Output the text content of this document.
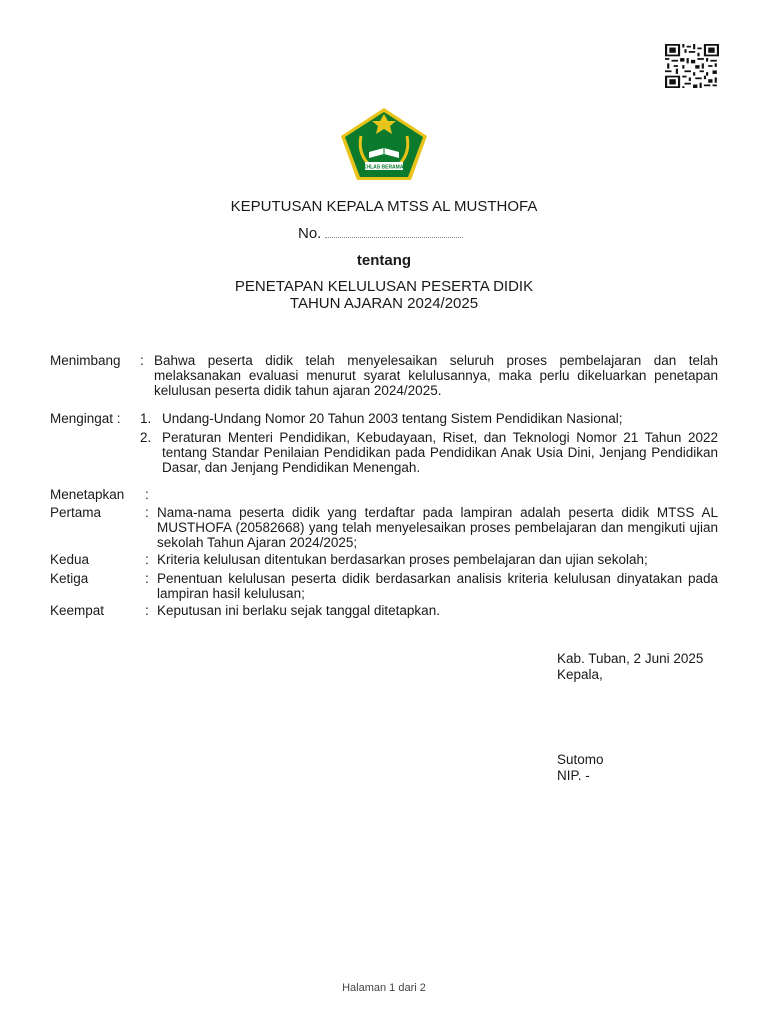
IKHLAS BERAMAL
KEPUTUSAN KEPALA MTSS AL MUSTHOFA
No.
tentang
PENETAPAN KELULUSAN PESERTA DIDIK
TAHUN AJARAN 2024/2025
Menimbang : Bahwa peserta didik telah menyelesaikan seluruh proses pembelajaran dan telah melaksanakan evaluasi menurut syarat kelulusannya, maka perlu dikeluarkan penetapan kelulusan peserta didik tahun ajaran 2024/2025.
Mengingat : 1. Undang-Undang Nomor 20 Tahun 2003 tentang Sistem Pendidikan Nasional;
2. Peraturan Menteri Pendidikan, Kebudayaan, Riset, dan Teknologi Nomor 21 Tahun 2022 tentang Standar Penilaian Pendidikan pada Pendidikan Anak Usia Dini, Jenjang Pendidikan Dasar, dan Jenjang Pendidikan Menengah.
Menetapkan :
Pertama	: Nama-nama peserta didik yang terdaftar pada lampiran adalah peserta didik MTSS AL MUSTHOFA (20582668) yang telah menyelesaikan proses pembelajaran dan mengikuti ujian sekolah Tahun Ajaran 2024/2025;
Kedua	: Kriteria kelulusan ditentukan berdasarkan proses pembelajaran dan ujian sekolah;
Ketiga	: Penentuan kelulusan peserta didik berdasarkan analisis kriteria kelulusan dinyatakan pada lampiran hasil kelulusan;
Keempat	: Keputusan ini berlaku sejak tanggal ditetapkan.
Kab. Tuban, 2 Juni 2025
Kepala,
Sutomo
NIP. -
Halaman 1 dari 2
